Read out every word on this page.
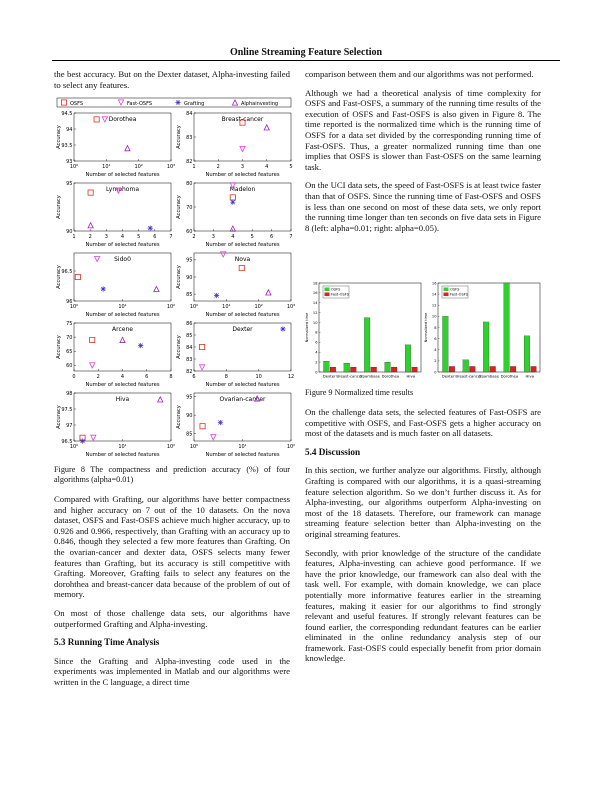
Online Streaming Feature Selection

the best accuracy. But on the Dexter dataset, Alpha-investing failed to select any features.

OSFS	Fast-OSFS	Grafting	Alphainvesting
Dorothea
Number of selected features
Accuracy
10⁰	10¹	10²	10³
93
93.5
94
94.5
Breast-cancer
Number of selected features
Accuracy
1	2	3	4	5
82
83
84
Lymphoma
Number of selected features
Accuracy
1	2	3	4	5	6	7
90
95
Madelon
Number of selected features
Accuracy
2	3	4	5	6	7
60
70
80
Sido0
Number of selected features
Accuracy
10⁰	10¹	10²
96
96.5
Nova
Number of selected features
Accuracy
10⁰	10¹	10²	10³
85
90
95
Arcene
Number of selected features
Accuracy
0	2	4	6	8
60
65
70
75
Dexter
Number of selected features
Accuracy
6	8	10	12
82
83
84
85
86
Hiva
Number of selected features
Accuracy
10⁰	10¹	10²
96.5
97
97.5
98
Ovarian-cancer
Number of selected features
Accuracy
10⁰	10¹	10²
85
90
95
Figure 8 The compactness and prediction accuracy (%) of four algorithms (alpha=0.01)

Compared with Grafting, our algorithms have better compactness and higher accuracy on 7 out of the 10 datasets. On the nova dataset, OSFS and Fast-OSFS achieve much higher accuracy, up to 0.926 and 0.966, respectively, than Grafting with an accuracy up to 0.846, though they selected a few more features than Grafting. On the ovarian-cancer and dexter data, OSFS selects many fewer features than Grafting, but its accuracy is still competitive with Grafting. Moreover, Grafting fails to select any features on the dorohthea and breast-cancer data because of the problem of out of memory.

On most of those challenge data sets, our algorithms have outperformed Grafting and Alpha-investing.

5.3 Running Time Analysis

Since the Grafting and Alpha-investing code used in the experiments was implemented in Matlab and our algorithms were written in the C language, a direct time

comparison between them and our algorithms was not performed.

Although we had a theoretical analysis of time complexity for OSFS and Fast-OSFS, a summary of the running time results of the execution of OSFS and Fast-OSFS is also given in Figure 8. The time reported is the normalized time which is the running time of OSFS for a data set divided by the corresponding running time of Fast-OSFS. Thus, a greater normalized running time than one implies that OSFS is slower than Fast-OSFS on the same learning task.

On the UCI data sets, the speed of Fast-OSFS is at least twice faster than that of OSFS. Since the running time of Fast-OSFS and OSFS is less than one second on most of these data sets, we only report the running time longer than ten seconds on five data sets in Figure 8 (left: alpha=0.01; right: alpha=0.05).

Normalized time
0
2
4
6
8
10
12
14
16
18
Dexter Breast-cancer
Spambase Dorothea Hiva
OSFS
Fast-OSFS
Normalized time
0
2
4
6
8
10
12
14
16
Dexter Breast-cancer
Spambase Dorothea Hiva
OSFS
Fast-OSFS
Figure 9 Normalized time results

On the challenge data sets, the selected features of Fast-OSFS are competitive with OSFS, and Fast-OSFS gets a higher accuracy on most of the datasets and is much faster on all datasets.

5.4 Discussion

In this section, we further analyze our algorithms. Firstly, although Grafting is compared with our algorithms, it is a quasi-streaming feature selection algorithm. So we don’t further discuss it. As for Alpha-investing, our algorithms outperform Alpha-investing on most of the 18 datasets. Therefore, our framework can manage streaming feature selection better than Alpha-investing on the original streaming features.

Secondly, with prior knowledge of the structure of the candidate features, Alpha-investing can achieve good performance. If we have the prior knowledge, our framework can also deal with the task well. For example, with domain knowledge, we can place potentially more informative features earlier in the streaming features, making it easier for our algorithms to find strongly relevant and useful features. If strongly relevant features can be found earlier, the corresponding redundant features can be earlier eliminated in the online redundancy analysis step of our framework. Fast-OSFS could especially benefit from prior domain knowledge.
